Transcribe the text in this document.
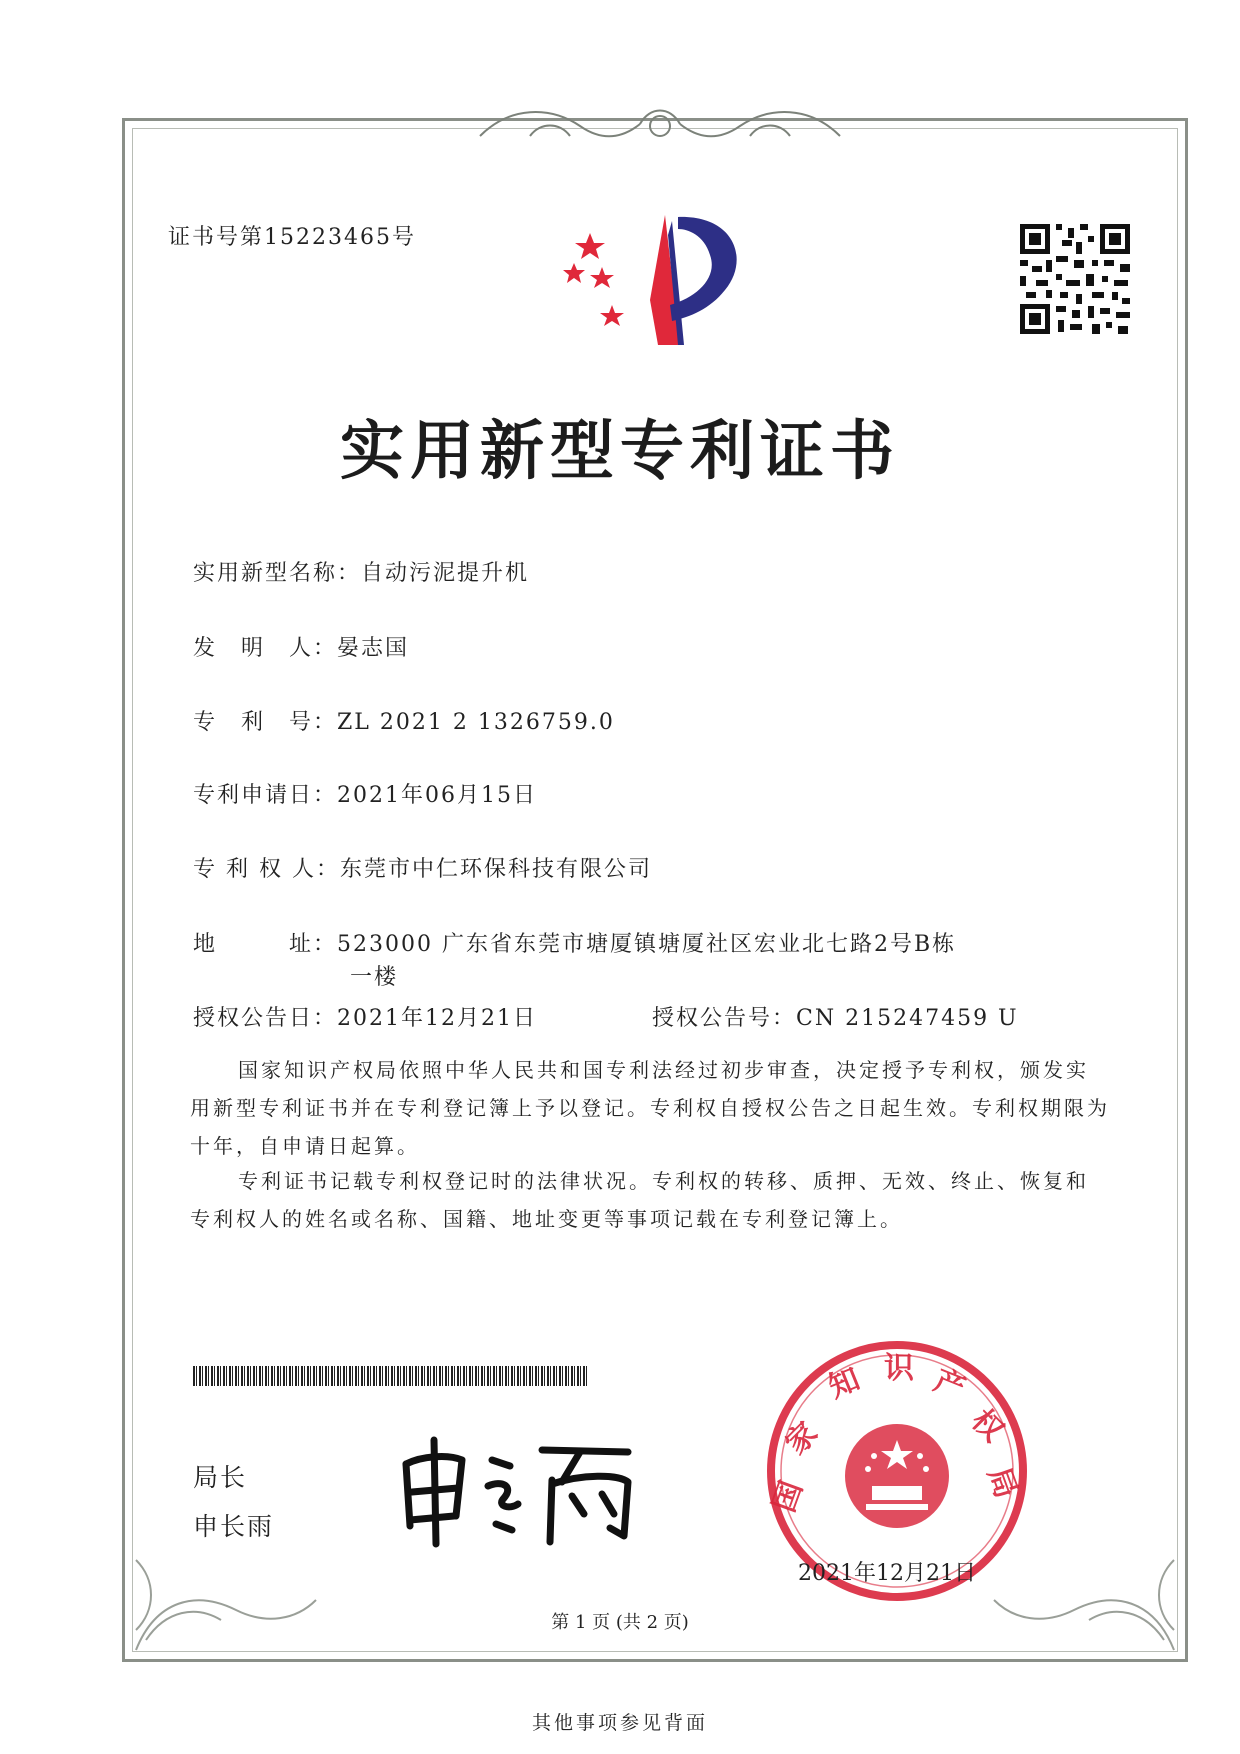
证书号第15223465号
实用新型专利证书
实用新型名称：自动污泥提升机
发　明　人：晏志国
专　利　号：ZL 2021 2 1326759.0
专利申请日：2021年06月15日
专 利 权 人：东莞市中仁环保科技有限公司
地　　　址：523000 广东省东莞市塘厦镇塘厦社区宏业北七路2号B栋
一楼
授权公告日：2021年12月21日	授权公告号：CN 215247459 U
国家知识产权局依照中华人民共和国专利法经过初步审查，决定授予专利权，颁发实用新型专利证书并在专利登记簿上予以登记。专利权自授权公告之日起生效。专利权期限为十年，自申请日起算。
专利证书记载专利权登记时的法律状况。专利权的转移、质押、无效、终止、恢复和专利权人的姓名或名称、国籍、地址变更等事项记载在专利登记簿上。
局长
申长雨
国
家
知 识 产
权
局
2021年12月21日
第 1 页 (共 2 页)
其他事项参见背面
